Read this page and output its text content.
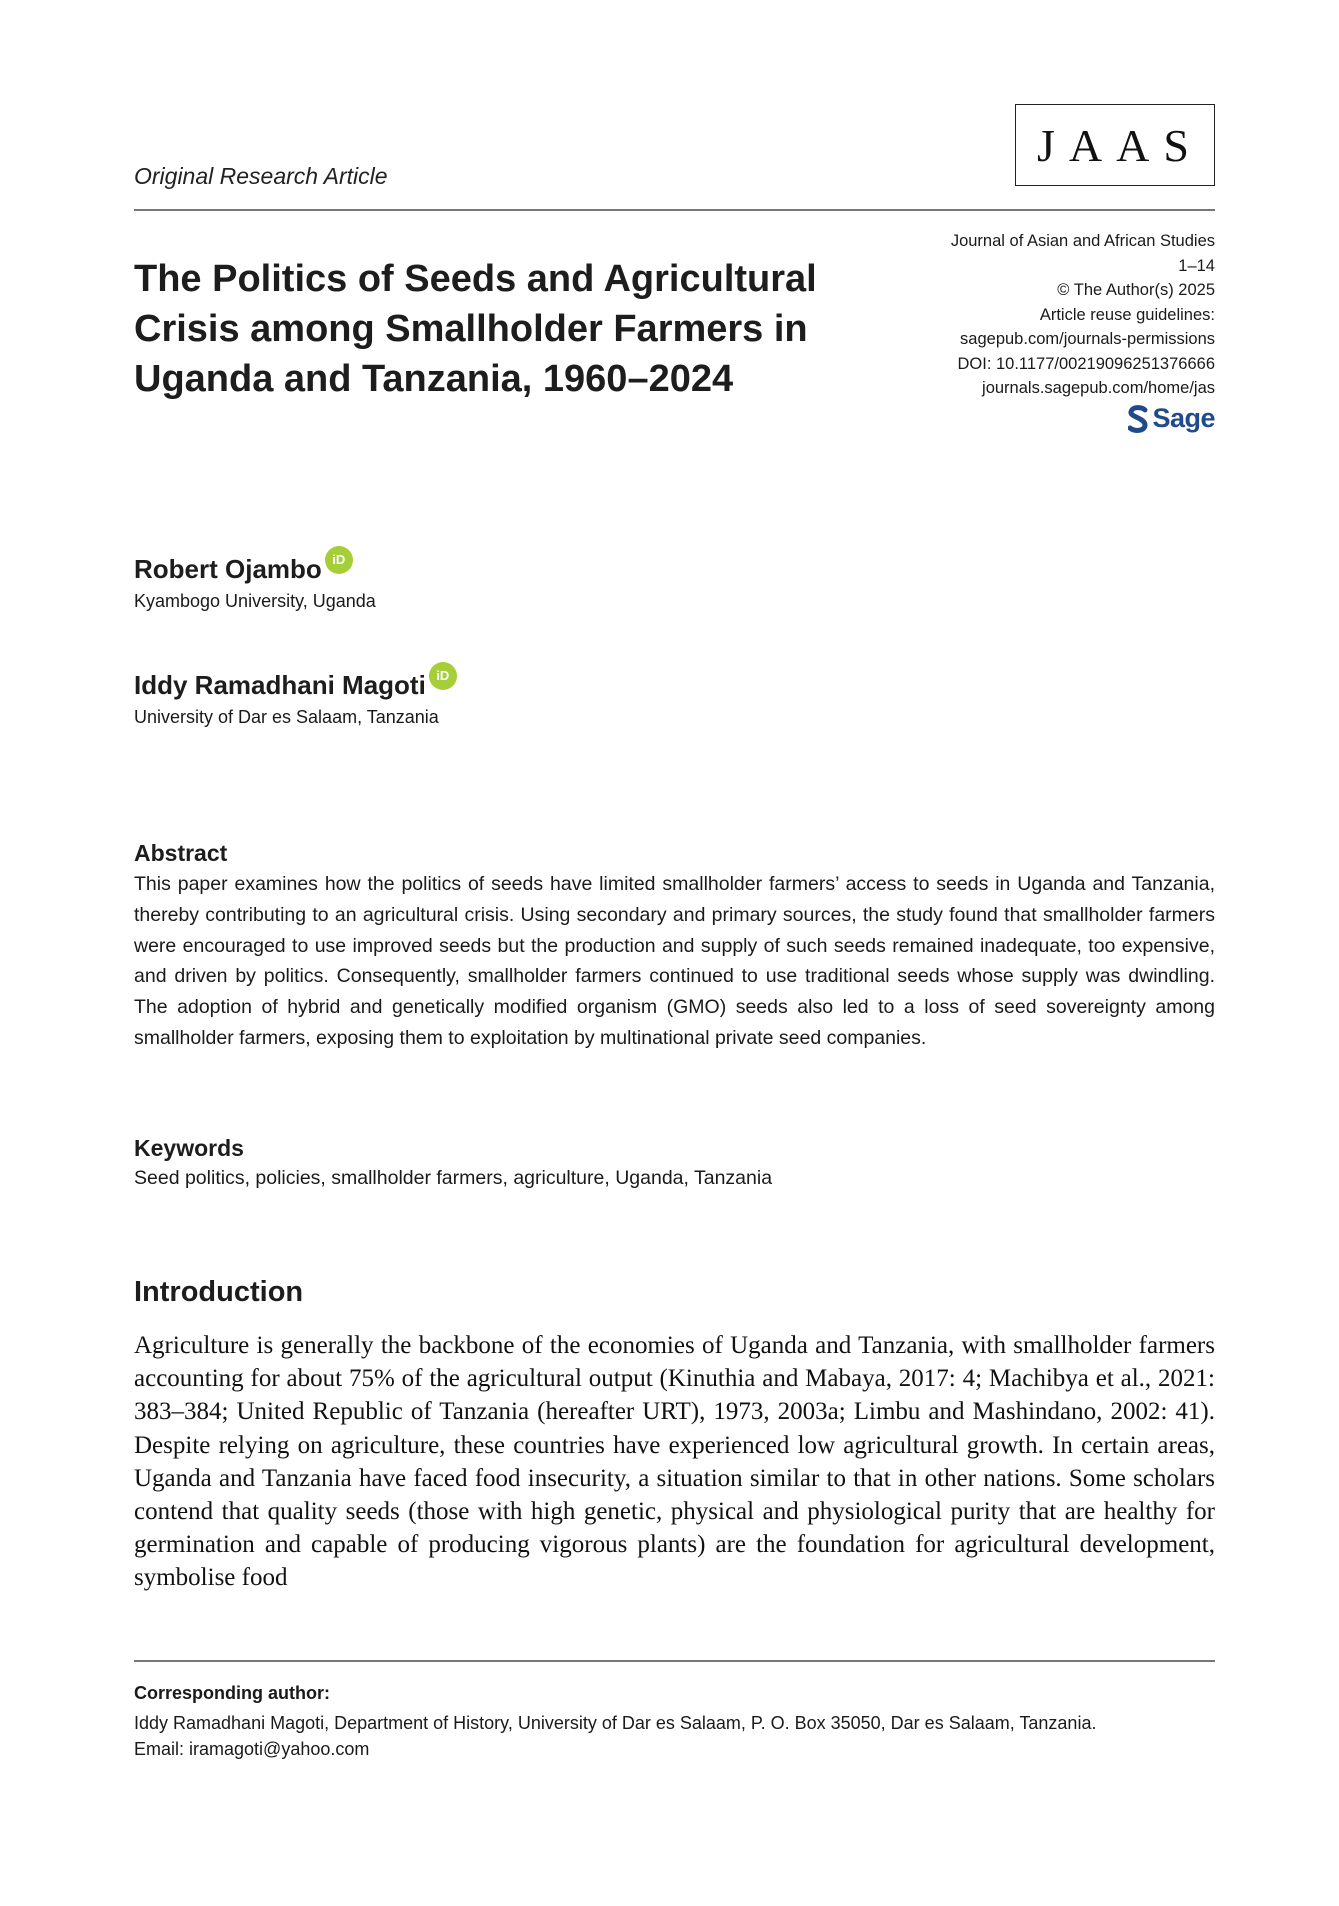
JAAS
Original Research Article
The Politics of Seeds and Agricultural Crisis among Smallholder Farmers in Uganda and Tanzania, 1960–2024
Journal of Asian and African Studies
1–14
© The Author(s) 2025
Article reuse guidelines:
sagepub.com/journals-permissions
DOI: 10.1177/00219096251376666
journals.sagepub.com/home/jas
Sage
Robert Ojambo iD
Kyambogo University, Uganda
Iddy Ramadhani Magoti iD
University of Dar es Salaam, Tanzania
Abstract
This paper examines how the politics of seeds have limited smallholder farmers’ access to seeds in Uganda and Tanzania, thereby contributing to an agricultural crisis. Using secondary and primary sources, the study found that smallholder farmers were encouraged to use improved seeds but the production and supply of such seeds remained inadequate, too expensive, and driven by politics. Consequently, smallholder farmers continued to use traditional seeds whose supply was dwindling. The adoption of hybrid and genetically modified organism (GMO) seeds also led to a loss of seed sovereignty among smallholder farmers, exposing them to exploitation by multinational private seed companies.
Keywords
Seed politics, policies, smallholder farmers, agriculture, Uganda, Tanzania
Introduction
Agriculture is generally the backbone of the economies of Uganda and Tanzania, with smallholder farmers accounting for about 75% of the agricultural output (Kinuthia and Mabaya, 2017: 4; Machibya et al., 2021: 383–384; United Republic of Tanzania (hereafter URT), 1973, 2003a; Limbu and Mashindano, 2002: 41). Despite relying on agriculture, these countries have experienced low agricultural growth. In certain areas, Uganda and Tanzania have faced food insecurity, a situation similar to that in other nations. Some scholars contend that quality seeds (those with high genetic, physical and physiological purity that are healthy for germination and capable of producing vigorous plants) are the foundation for agricultural development, symbolise food
Corresponding author:
Iddy Ramadhani Magoti, Department of History, University of Dar es Salaam, P. O. Box 35050, Dar es Salaam, Tanzania.
Email: iramagoti@yahoo.com
